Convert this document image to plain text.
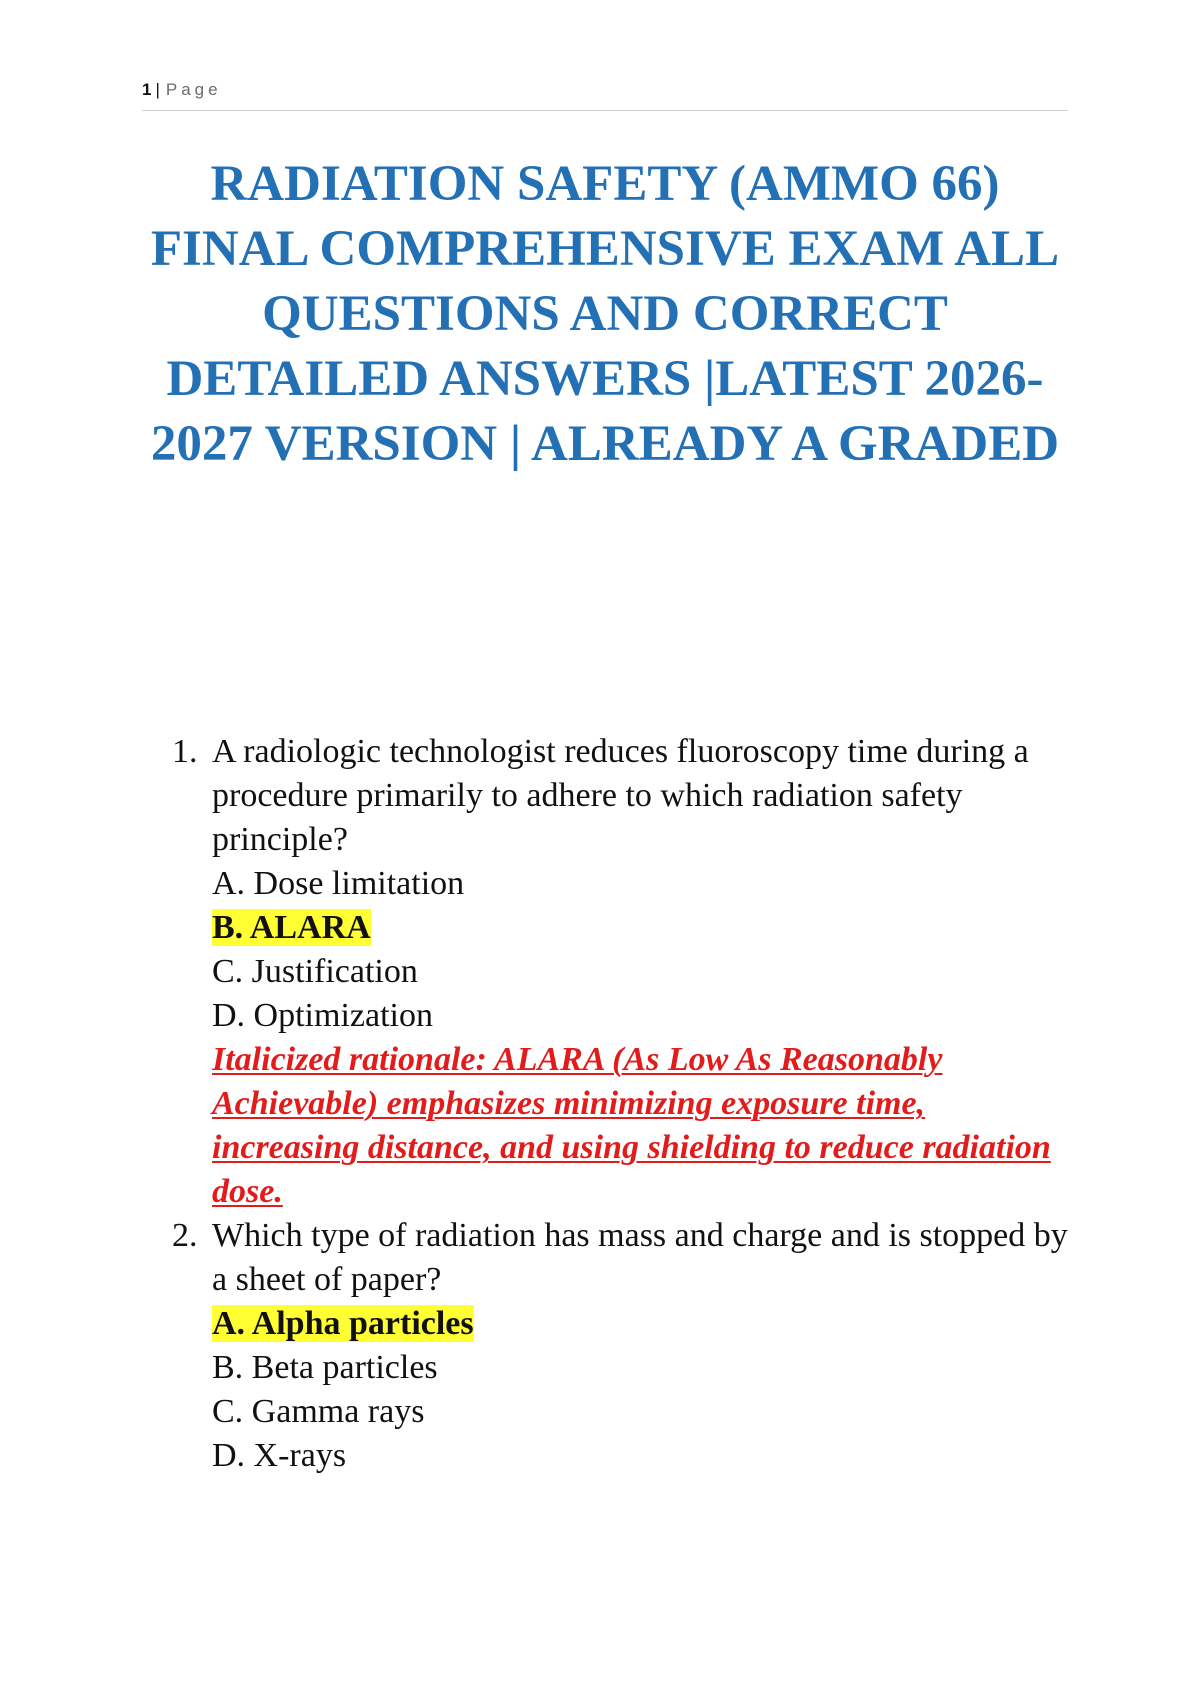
1 | Page
RADIATION SAFETY (AMMO 66) FINAL COMPREHENSIVE EXAM ALL QUESTIONS AND CORRECT DETAILED ANSWERS |LATEST 2026-2027 VERSION | ALREADY A GRADED
1. A radiologic technologist reduces fluoroscopy time during a procedure primarily to adhere to which radiation safety principle?
A. Dose limitation
B. ALARA
C. Justification
D. Optimization
Italicized rationale: ALARA (As Low As Reasonably Achievable) emphasizes minimizing exposure time, increasing distance, and using shielding to reduce radiation dose.
2. Which type of radiation has mass and charge and is stopped by a sheet of paper?
A. Alpha particles
B. Beta particles
C. Gamma rays
D. X-rays
